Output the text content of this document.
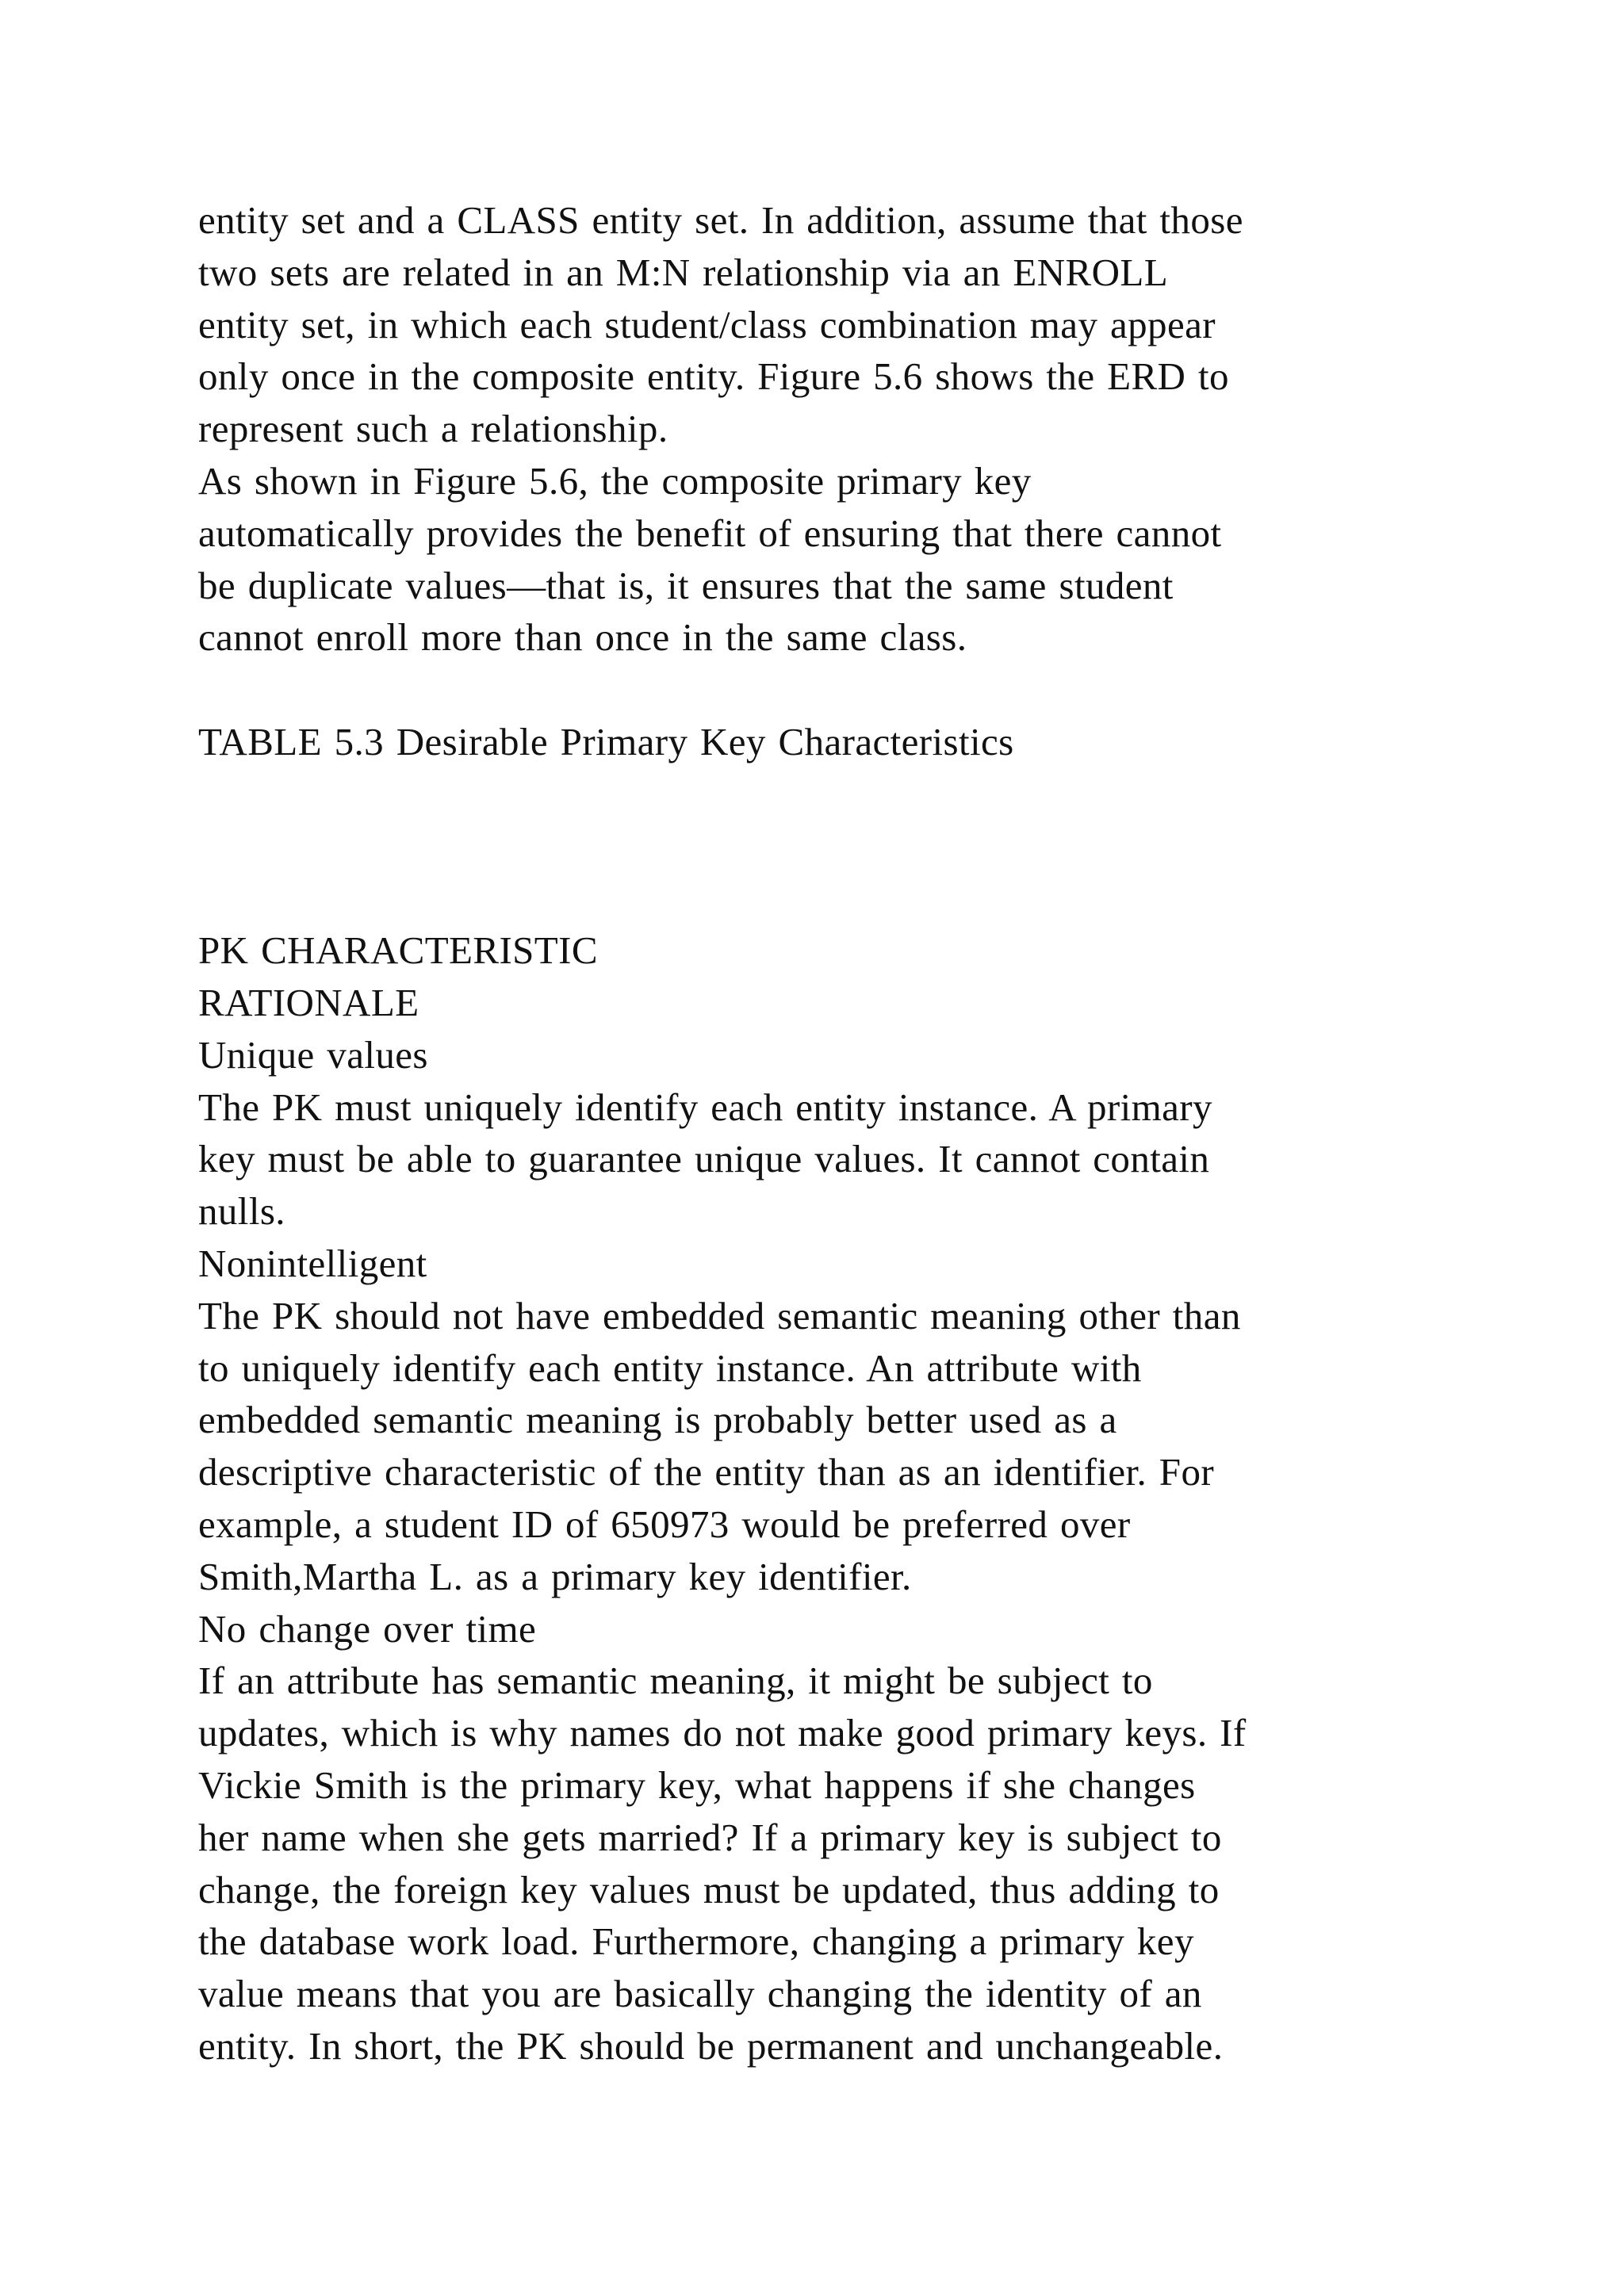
entity set and a CLASS entity set. In addition, assume that those
two sets are related in an M:N relationship via an ENROLL
entity set, in which each student/class combination may appear
only once in the composite entity. Figure 5.6 shows the ERD to
represent such a relationship.
As shown in Figure 5.6, the composite primary key
automatically provides the benefit of ensuring that there cannot
be duplicate values—that is, it ensures that the same student
cannot enroll more than once in the same class.
TABLE 5.3 Desirable Primary Key Characteristics
PK CHARACTERISTIC
RATIONALE
Unique values
The PK must uniquely identify each entity instance. A primary
key must be able to guarantee unique values. It cannot contain
nulls.
Nonintelligent
The PK should not have embedded semantic meaning other than
to uniquely identify each entity instance. An attribute with
embedded semantic meaning is probably better used as a
descriptive characteristic of the entity than as an identifier. For
example, a student ID of 650973 would be preferred over
Smith,Martha L. as a primary key identifier.
No change over time
If an attribute has semantic meaning, it might be subject to
updates, which is why names do not make good primary keys. If
Vickie Smith is the primary key, what happens if she changes
her name when she gets married? If a primary key is subject to
change, the foreign key values must be updated, thus adding to
the database work load. Furthermore, changing a primary key
value means that you are basically changing the identity of an
entity. In short, the PK should be permanent and unchangeable.
